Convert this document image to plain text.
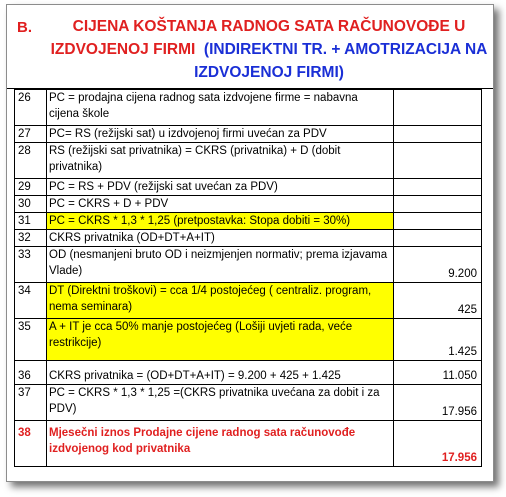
B.	CIJENA KOŠTANJA RADNOG SATA RAČUNOVOĐE U
IZDVOJENOJ FIRMI (INDIREKTNI TR. + AMOTRIZACIJA NA
IZDVOJENOJ FIRMI)
26	PC = prodajna cijena radnog sata izdvojene firme = nabavna cijena škole	
27	PC= RS (režijski sat) u izdvojenoj firmi uvećan za PDV	
28	RS (režijski sat privatnika) = CKRS (privatnika) + D (dobit privatnika)	
29	PC = RS + PDV (režijski sat uvećan za PDV)	
30	PC = CKRS + D + PDV	
31	PC = CKRS * 1,3 * 1,25 (pretpostavka: Stopa dobiti = 30%)	
32	CKRS privatnika (OD+DT+A+IT)	
33	OD (nesmanjeni bruto OD i neizmjenjen normativ; prema izjavama Vlade)	9.200
34	DT (Direktni troškovi) = cca 1/4 postojećeg ( centraliz. program, nema seminara)	425
35	A + IT je cca 50% manje postojećeg (Lošiji uvjeti rada, veće restrikcije)	1.425
36	CKRS privatnika = (OD+DT+A+IT) = 9.200 + 425 + 1.425	11.050
37	PC = CKRS * 1,3 * 1,25 =(CKRS privatnika uvećana za dobit i za PDV)	17.956
38	Mjesečni iznos Prodajne cijene radnog sata računovođe izdvojenog kod privatnika	17.956
